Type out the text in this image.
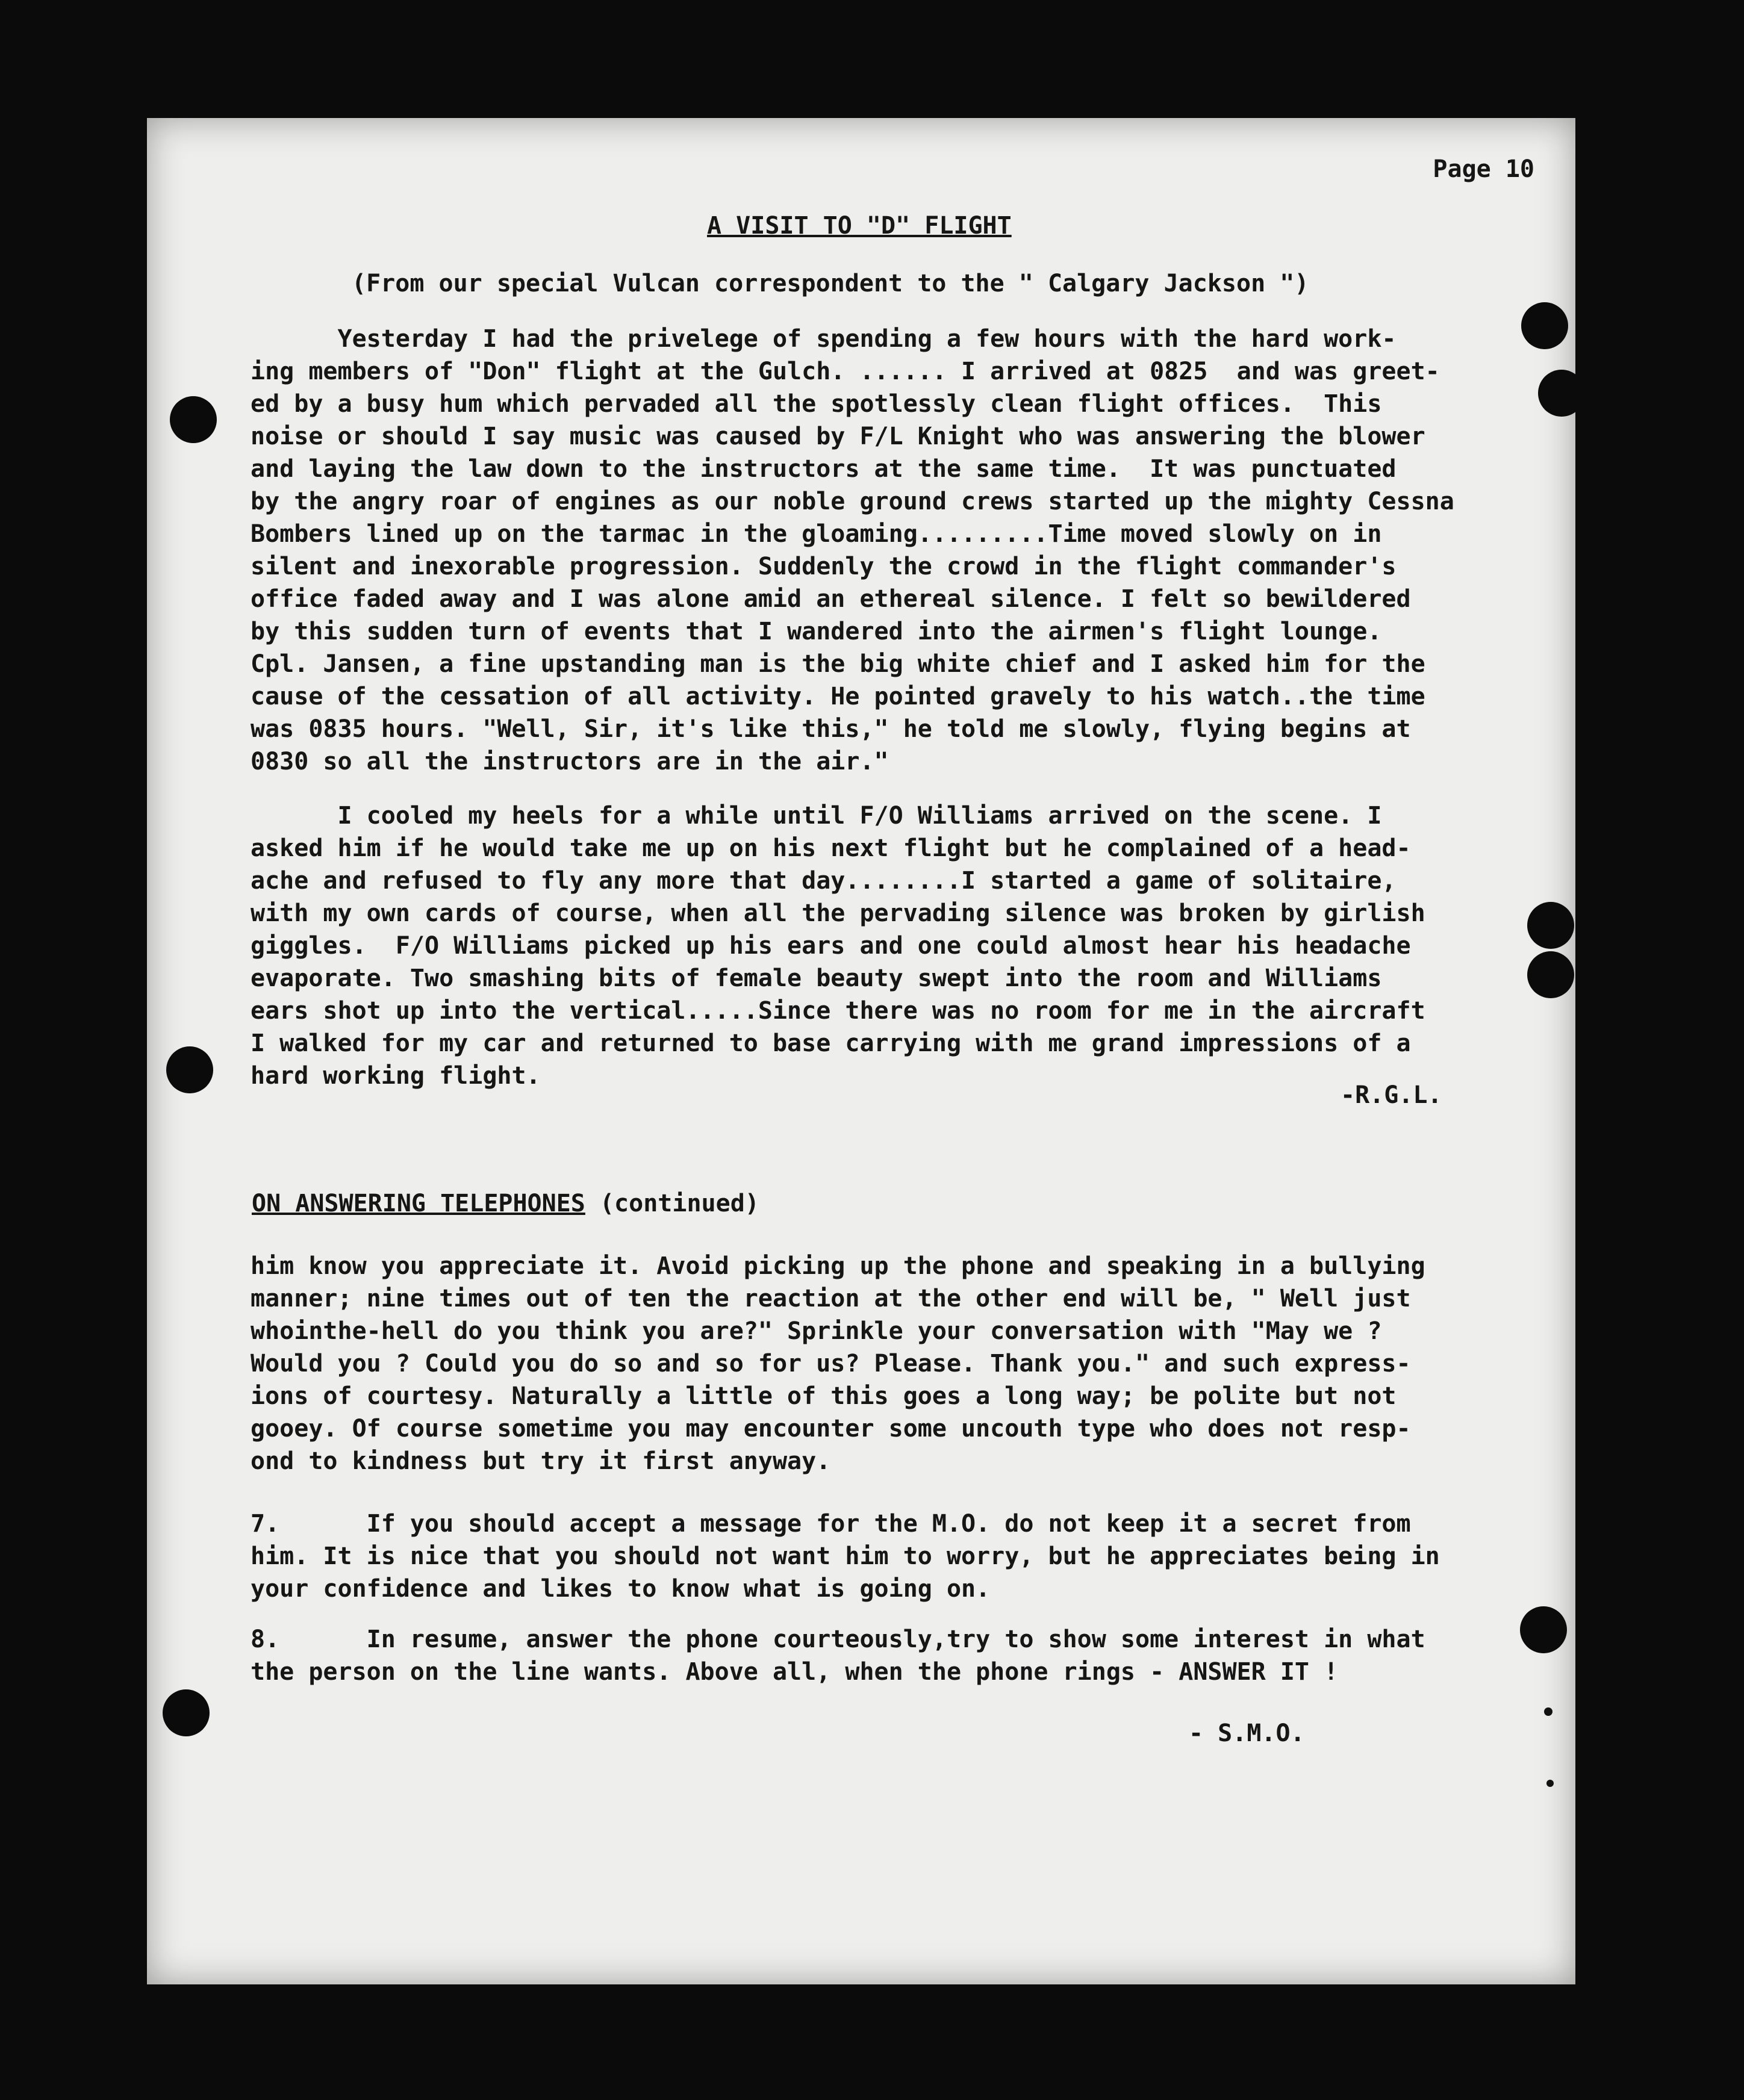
Page 10
A VISIT TO "D" FLIGHT
(From our special Vulcan correspondent to the " Calgary Jackson ")
Yesterday I had the privelege of spending a few hours with the hard work-
ing members of "Don" flight at the Gulch. ...... I arrived at 0825  and was greet-
ed by a busy hum which pervaded all the spotlessly clean flight offices.  This
noise or should I say music was caused by F/L Knight who was answering the blower
and laying the law down to the instructors at the same time.  It was punctuated
by the angry roar of engines as our noble ground crews started up the mighty Cessna
Bombers lined up on the tarmac in the gloaming.........Time moved slowly on in
silent and inexorable progression. Suddenly the crowd in the flight commander's
office faded away and I was alone amid an ethereal silence. I felt so bewildered
by this sudden turn of events that I wandered into the airmen's flight lounge.
Cpl. Jansen, a fine upstanding man is the big white chief and I asked him for the
cause of the cessation of all activity. He pointed gravely to his watch..the time
was 0835 hours. "Well, Sir, it's like this," he told me slowly, flying begins at
0830 so all the instructors are in the air."
I cooled my heels for a while until F/O Williams arrived on the scene. I
asked him if he would take me up on his next flight but he complained of a head-
ache and refused to fly any more that day........I started a game of solitaire,
with my own cards of course, when all the pervading silence was broken by girlish
giggles.  F/O Williams picked up his ears and one could almost hear his headache
evaporate. Two smashing bits of female beauty swept into the room and Williams
ears shot up into the vertical.....Since there was no room for me in the aircraft
I walked for my car and returned to base carrying with me grand impressions of a
hard working flight.
-R.G.L.
ON ANSWERING TELEPHONES (continued)
him know you appreciate it. Avoid picking up the phone and speaking in a bullying
manner; nine times out of ten the reaction at the other end will be, " Well just
whointhe-hell do you think you are?" Sprinkle your conversation with "May we ?
Would you ? Could you do so and so for us? Please. Thank you." and such express-
ions of courtesy. Naturally a little of this goes a long way; be polite but not
gooey. Of course sometime you may encounter some uncouth type who does not resp-
ond to kindness but try it first anyway.
7.      If you should accept a message for the M.O. do not keep it a secret from
him. It is nice that you should not want him to worry, but he appreciates being in
your confidence and likes to know what is going on.
8.      In resume, answer the phone courteously,try to show some interest in what
the person on the line wants. Above all, when the phone rings - ANSWER IT !
- S.M.O.
